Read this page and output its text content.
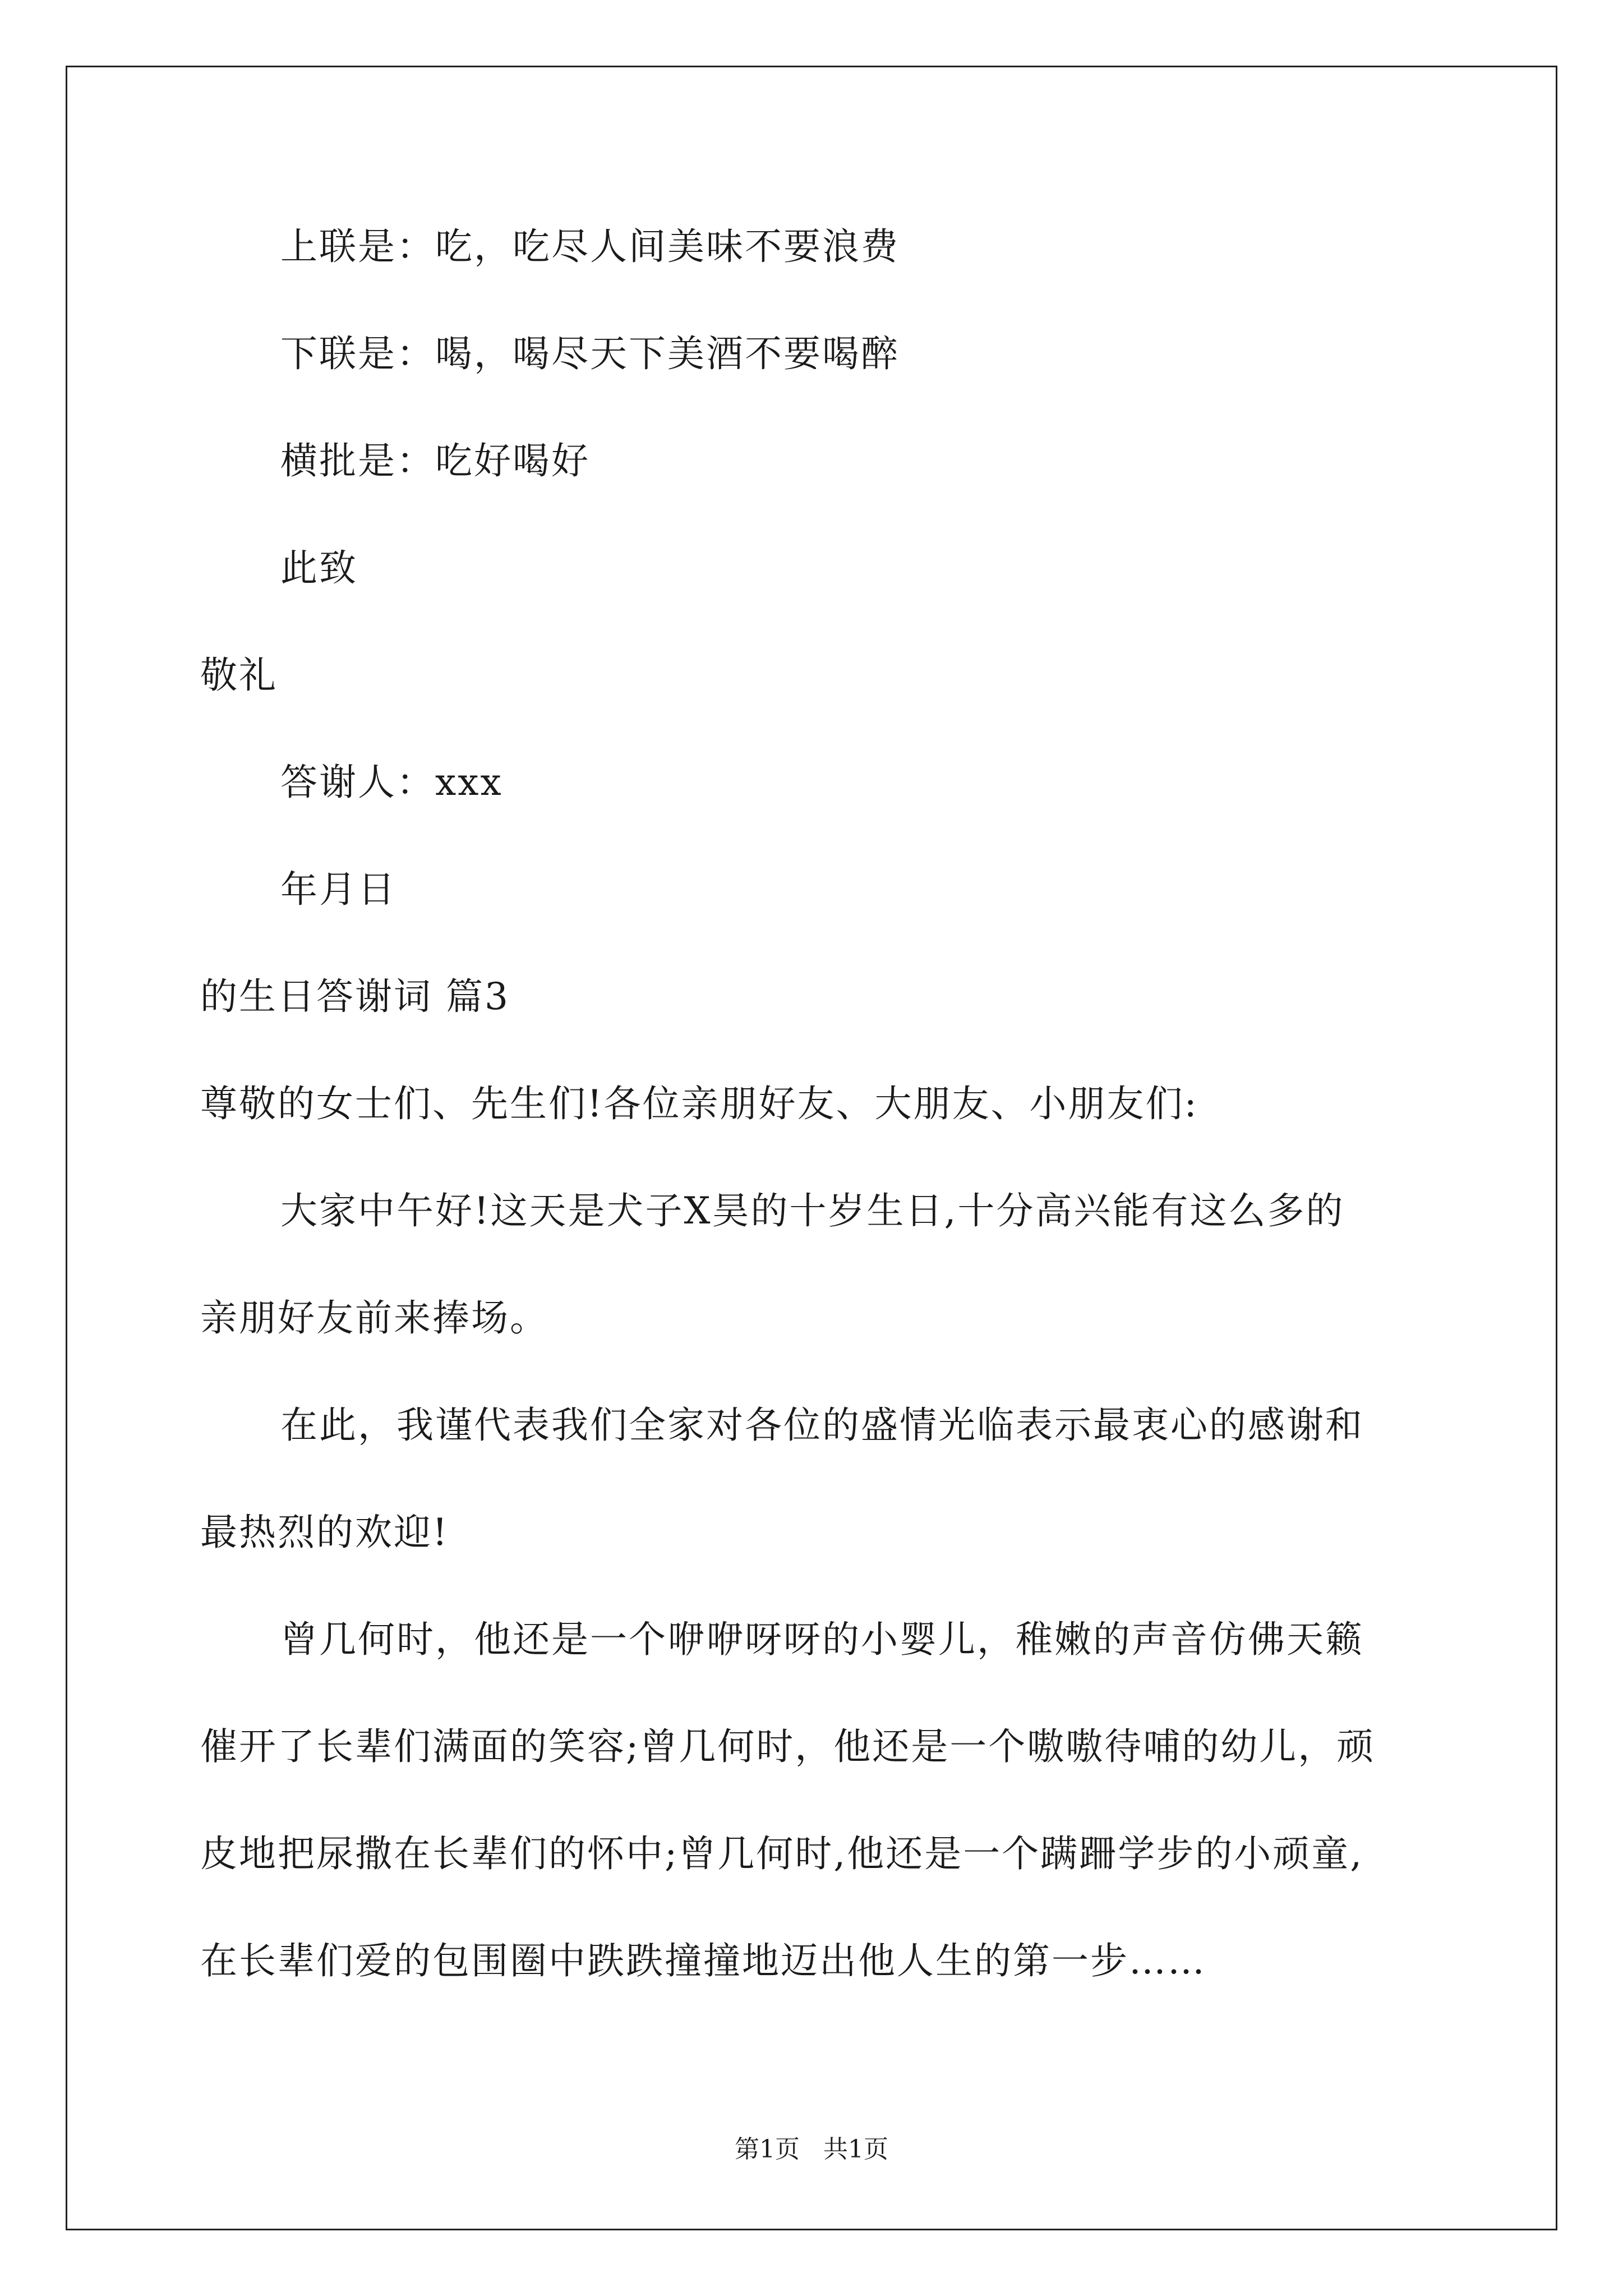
上联是：吃，吃尽人间美味不要浪费

下联是：喝，喝尽天下美酒不要喝醉

横批是：吃好喝好

此致

敬礼

答谢人：xxx

年月日

的生日答谢词 篇3

尊敬的女士们、先生们!各位亲朋好友、大朋友、小朋友们:

大家中午好!这天是犬子X昊的十岁生日,十分高兴能有这么多的

亲朋好友前来捧场。

在此，我谨代表我们全家对各位的盛情光临表示最衷心的感谢和

最热烈的欢迎!

曾几何时，他还是一个咿咿呀呀的小婴儿，稚嫩的声音仿佛天籁

催开了长辈们满面的笑容;曾几何时，他还是一个嗷嗷待哺的幼儿，顽

皮地把尿撒在长辈们的怀中;曾几何时,他还是一个蹒跚学步的小顽童,

在长辈们爱的包围圈中跌跌撞撞地迈出他人生的第一步……

第1页   共1页
